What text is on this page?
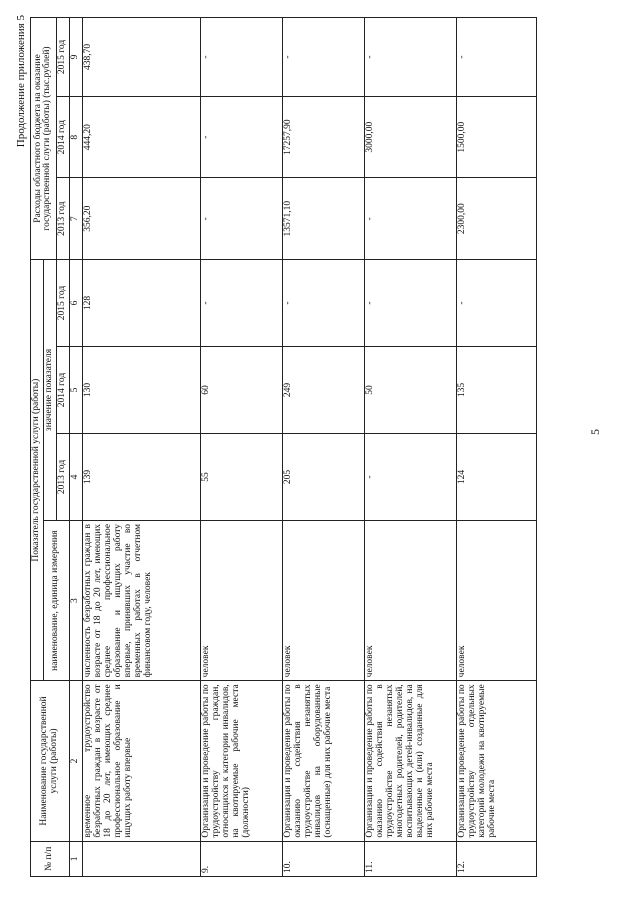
5
Продолжение приложения 5
№ п/п	Наименование государственной услуги (работы)	Показатель государственной услуги (работы)				Расходы областного бюджета на оказание государственной слуги (работы) (тыс.рублей)		
		наименование, единица измерения	значение показателя					
			2013 год	2014 год	2015 год	2013 год	2014 год	2015 год
1	2	3	4	5	6	7	8	9
	временное трудоустройство безработных граждан в возрасте от 18 до 20 лет, имеющих среднее профессиональное образование и ищущих работу впервые	численность безработных граждан в возрасте от 18 до 20 лет, имеющих среднее профессиональное образование и ищущих работу впервые, принявших участие во временных работах в отчетном финансовом году, человек	139	130	128	356,20	444,20	438,70
9.	Организация и проведение работы по трудоустройству граждан, относящихся к категории инвалидов, на квотируемые рабочие места (должности)	человек	55	60	-	-	-	-
10.	Организация и проведение работы по оказанию содействия в трудоустройстве незанятых инвалидов на оборудованные (оснащенные) для них рабочие места	человек	205	249	-	13571,10	17257,90	-
11.	Организация и проведение работы по оказанию содействия в трудоустройстве незанятых многодетных родителей, родителей, воспитывающих детей-инвалидов, на выделенные и (или) созданные для них рабочие места	человек	-	50	-	-	3000,00	-
12.	Организация и проведение работы по трудоустройству отдельных категорий молодежи на квотируемые рабочие места	человек	124	135	-	2300,00	1500,00	-
